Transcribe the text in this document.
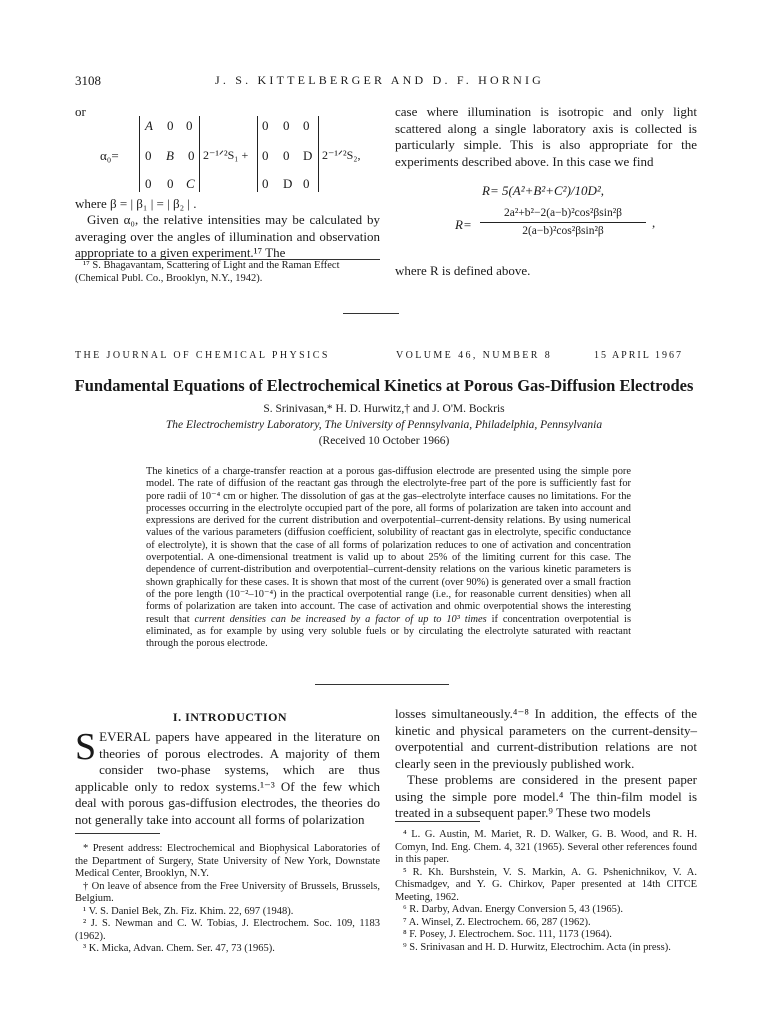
3108	J. S. KITTELBERGER AND D. F. HORNIG
or
α₀=
A 0 0
0 B 0
0 0 C
2⁻¹ᐟ²S₁ +
0 0 0
0 0 D
0 D 0
2⁻¹ᐟ²S₂,
where β = | β₁ | = | β₂ | .
Given α₀, the relative intensities may be calculated by averaging over the angles of illumination and observation appropriate to a given experiment.¹⁷ The
¹⁷ S. Bhagavantam, Scattering of Light and the Raman Effect (Chemical Publ. Co., Brooklyn, N.Y., 1942).
case where illumination is isotropic and only light scattered along a single laboratory axis is collected is particularly simple. This is also appropriate for the experiments described above. In this case we find
R= 5(A²+B²+C²)/10D²,
R=
2a²+b²−2(a−b)²cos²βsin²β
2(a−b)²cos²βsin²β
,
where R is defined above.
THE JOURNAL OF CHEMICAL PHYSICS	VOLUME 46, NUMBER 8	15 APRIL 1967
Fundamental Equations of Electrochemical Kinetics at Porous Gas-Diffusion Electrodes
S. Srinivasan,* H. D. Hurwitz,† and J. O'M. Bockris
The Electrochemistry Laboratory, The University of Pennsylvania, Philadelphia, Pennsylvania
(Received 10 October 1966)
The kinetics of a charge-transfer reaction at a porous gas-diffusion electrode are presented using the simple pore model. The rate of diffusion of the reactant gas through the electrolyte-free part of the pore is sufficiently fast for pore radii of 10⁻⁴ cm or higher. The dissolution of gas at the gas–electrolyte interface causes no limitations. For the processes occurring in the electrolyte occupied part of the pore, all forms of polarization are taken into account and expressions are derived for the current distribution and overpotential–current-density relations. By using numerical values of the various parameters (diffusion coefficient, solubility of reactant gas in electrolyte, specific conductance of electrolyte), it is shown that the case of all forms of polarization reduces to one of activation and concentration overpotential. A one-dimensional treatment is valid up to about 25% of the limiting current for this case. The dependence of current-distribution and overpotential–current-density relations on the various kinetic parameters is shown graphically for these cases. It is shown that most of the current (over 90%) is generated over a small fraction of the pore length (10⁻²–10⁻⁴) in the practical overpotential range (i.e., for reasonable current densities) when all forms of polarization are taken into account. The case of activation and ohmic overpotential shows the interesting result that current densities can be increased by a factor of up to 10³ times if concentration overpotential is eliminated, as for example by using very soluble fuels or by circulating the electrolyte saturated with reactant through the porous electrode.
I. INTRODUCTION
SEVERAL papers have appeared in the literature on theories of porous electrodes. A majority of them consider two-phase systems, which are thus applicable only to redox systems.¹⁻³ Of the few which deal with porous gas-diffusion electrodes, the theories do not generally take into account all forms of polarization
losses simultaneously.⁴⁻⁸ In addition, the effects of the kinetic and physical parameters on the current-density–overpotential and current-distribution relations are not clearly seen in the previously published work.
These problems are considered in the present paper using the simple pore model.⁴ The thin-film model is treated in a subsequent paper.⁹ These two models

* Present address: Electrochemical and Biophysical Laboratories of the Department of Surgery, State University of New York, Downstate Medical Center, Brooklyn, N.Y.

† On leave of absence from the Free University of Brussels, Brussels, Belgium.

¹ V. S. Daniel Bek, Zh. Fiz. Khim. 22, 697 (1948).

² J. S. Newman and C. W. Tobias, J. Electrochem. Soc. 109, 1183 (1962).

³ K. Micka, Advan. Chem. Ser. 47, 73 (1965).

⁴ L. G. Austin, M. Mariet, R. D. Walker, G. B. Wood, and R. H. Comyn, Ind. Eng. Chem. 4, 321 (1965). Several other references found in this paper.

⁵ R. Kh. Burshstein, V. S. Markin, A. G. Pshenichnikov, V. A. Chismadgev, and Y. G. Chirkov, Paper presented at 14th CITCE Meeting, 1962.

⁶ R. Darby, Advan. Energy Conversion 5, 43 (1965).

⁷ A. Winsel, Z. Electrochem. 66, 287 (1962).

⁸ F. Posey, J. Electrochem. Soc. 111, 1173 (1964).

⁹ S. Srinivasan and H. D. Hurwitz, Electrochim. Acta (in press).
